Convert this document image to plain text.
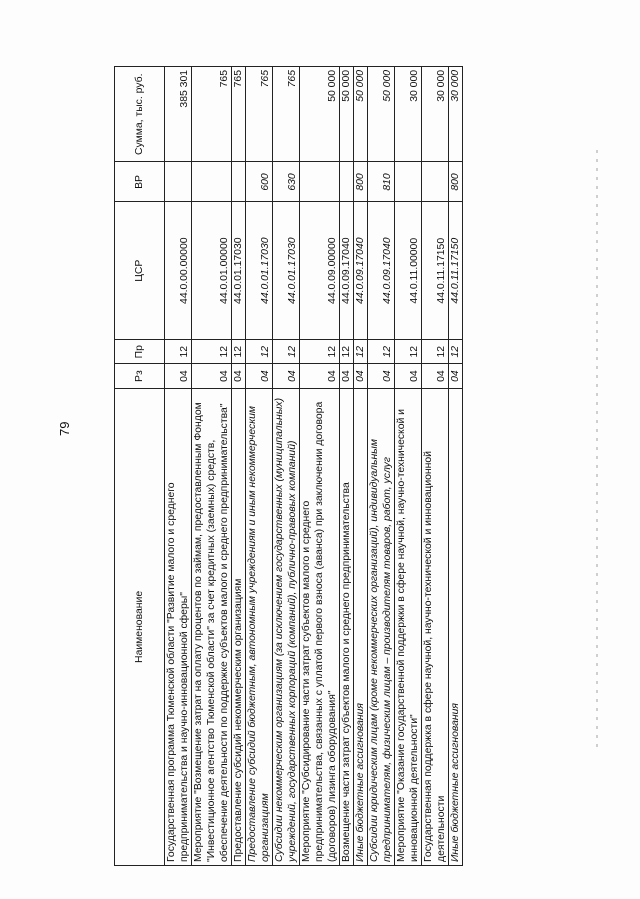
79
Наименование	Рз	Пр	ЦСР	ВР	Сумма, тыс. руб.
Государственная программа Тюменской области "Развитие малого и среднего предпринимательства и научно-инновационной сферы"	04	12	44.0.00.00000		385 301
Мероприятие "Возмещение затрат на оплату процентов по займам, предоставленным Фондом "Инвестиционное агентство Тюменской области" за счет кредитных (заемных) средств, обеспечение деятельности по поддержке субъектов малого и среднего предпринимательства"	04	12	44.0.01.00000		765
Предоставление субсидий некоммерческим организациям	04	12	44.0.01.17030		765
Предоставление субсидий бюджетным, автономным учреждениям и иным некоммерческим организациям	04	12	44.0.01.17030	600	765
Субсидии некоммерческим организациям (за исключением государственных (муниципальных) учреждений, государственных корпораций (компаний), публично-правовых компаний)	04	12	44.0.01.17030	630	765
Мероприятие "Субсидирование части затрат субъектов малого и среднего предпринимательства, связанных с уплатой первого взноса (аванса) при заключении договора (договоров) лизинга оборудования"	04	12	44.0.09.00000		50 000
Возмещение части затрат субъектов малого и среднего предпринимательства	04	12	44.0.09.17040		50 000
Иные бюджетные ассигнования	04	12	44.0.09.17040	800	50 000
Субсидии юридическим лицам (кроме некоммерческих организаций), индивидуальным предпринимателям, физическим лицам – производителям товаров, работ, услуг	04	12	44.0.09.17040	810	50 000
Мероприятие "Оказание государственной поддержки в сфере научной, научно-технической и инновационной деятельности"	04	12	44.0.11.00000		30 000
Государственная поддержка в сфере научной, научно-технической и инновационной деятельности	04	12	44.0.11.17150		30 000
Иные бюджетные ассигнования	04	12	44.0.11.17150	800	30 000
